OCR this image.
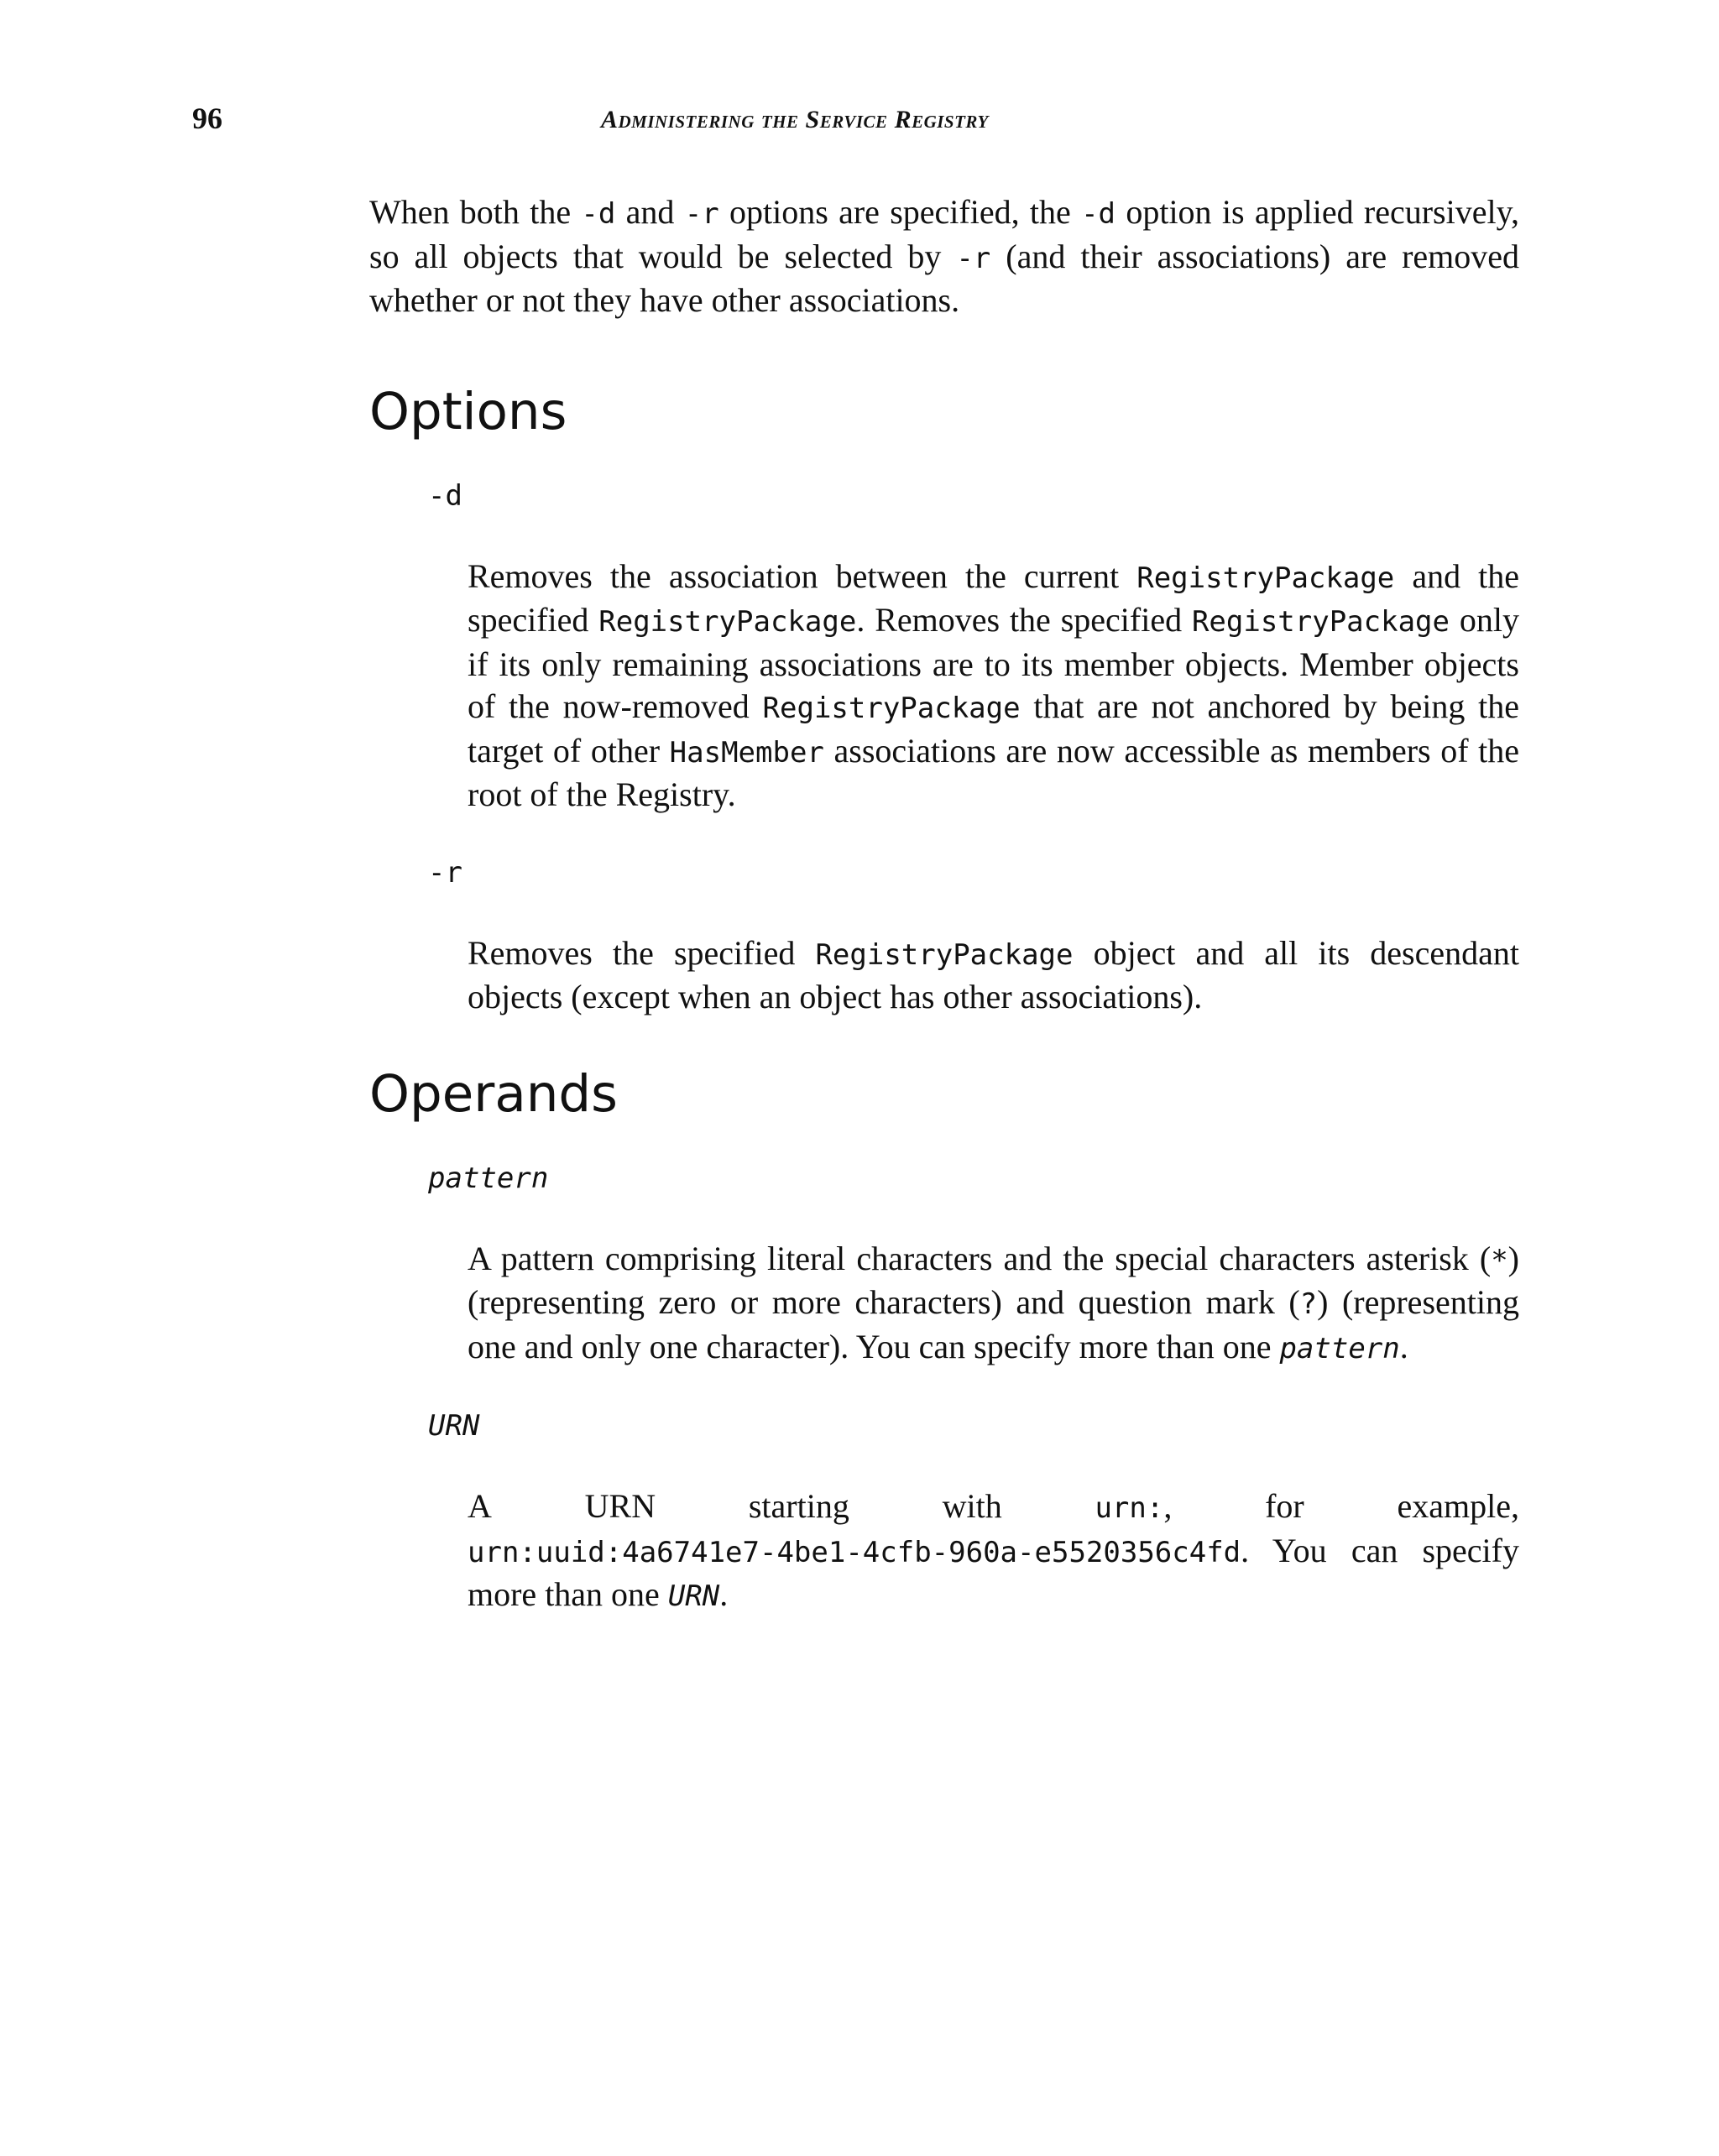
96	Administering the Service Registry

When both the -d and -r options are specified, the -d option is applied recursively, so all objects that would be selected by -r (and their associations) are removed whether or not they have other associations.

Options
-d

Removes the association between the current RegistryPackage and the specified RegistryPackage. Removes the specified RegistryPackage only if its only remaining associations are to its member objects. Member objects of the now-removed RegistryPackage that are not anchored by being the target of other HasMember associations are now accessible as members of the root of the Registry.

-r

Removes the specified RegistryPackage object and all its descendant objects (except when an object has other associations).

Operands
pattern

A pattern comprising literal characters and the special characters asterisk (*) (representing zero or more characters) and question mark (?) (representing one and only one character). You can specify more than one pattern.

URN
A	URN	starting	with	urn:,	for	example,
urn:uuid:4a6741e7-4be1-4cfb-960a-e5520356c4fd. You can specify more than one URN.
